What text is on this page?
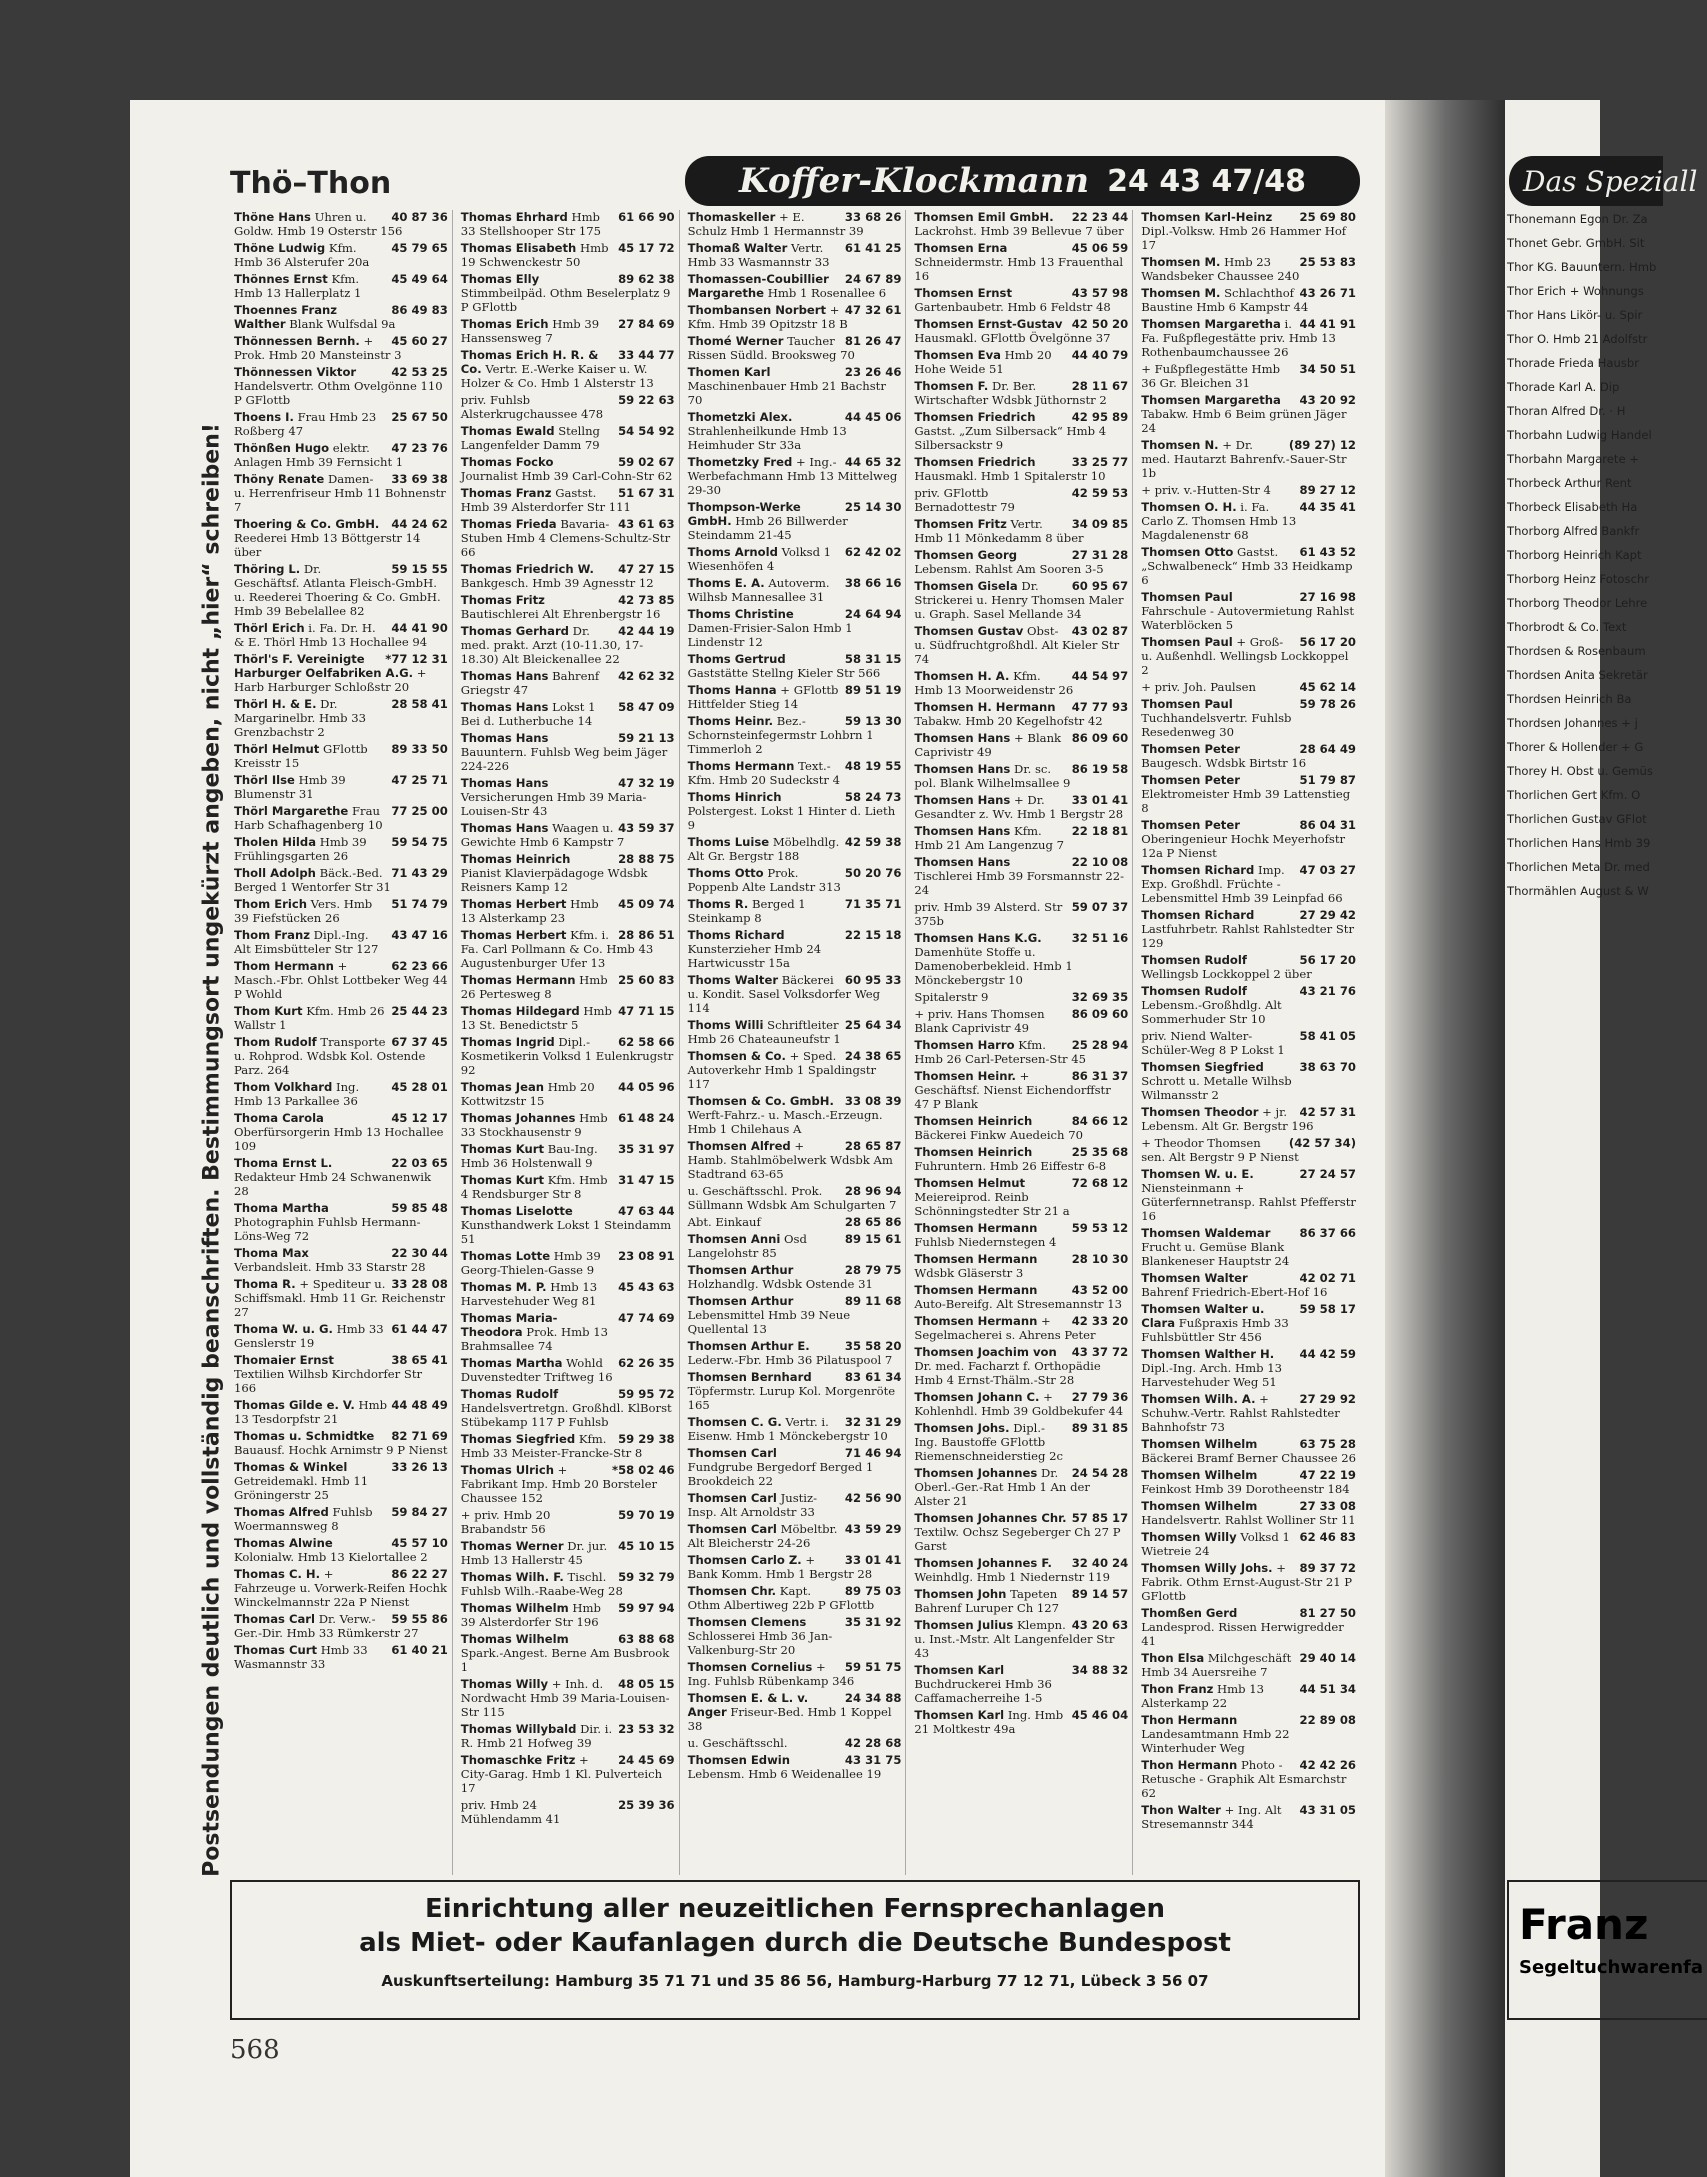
Thö–Thon	Koffer-Klockmann 24 43 47/48
Postsendungen deutlich und vollständig beanschriften. Bestimmungsort ungekürzt angeben, nicht „hier“ schreiben!
40 87 36
Thöne Hans Uhren u. Goldw. Hmb 19 Osterstr 156
45 79 65
Thöne Ludwig Kfm. Hmb 36 Alsterufer 20a
45 49 64
Thönnes Ernst Kfm. Hmb 13 Hallerplatz 1
86 49 83
Thoennes Franz Walther Blank Wulfsdal 9a
45 60 27
Thönnessen Bernh. + Prok. Hmb 20 Mansteinstr 3
42 53 25
Thönnessen Viktor Handelsvertr. Othm Ovelgönne 110 P GFlottb
25 67 50
Thoens I. Frau Hmb 23 Roßberg 47
47 23 76
Thönßen Hugo elektr. Anlagen Hmb 39 Fernsicht 1
33 69 38
Thöny Renate Damen- u. Herrenfriseur Hmb 11 Bohnenstr 7
44 24 62
Thoering & Co. GmbH. Reederei Hmb 13 Böttgerstr 14 über
59 15 55
Thöring L. Dr. Geschäftsf. Atlanta Fleisch-GmbH. u. Reederei Thoering & Co. GmbH. Hmb 39 Bebelallee 82
44 41 90
Thörl Erich i. Fa. Dr. H. & E. Thörl Hmb 13 Hochallee 94
*77 12 31
Thörl's F. Vereinigte Harburger Oelfabriken A.G. + Harb Harburger Schloßstr 20
28 58 41
Thörl H. & E. Dr. Margarinelbr. Hmb 33 Grenzbachstr 2
89 33 50
Thörl Helmut GFlottb Kreisstr 15
47 25 71
Thörl Ilse Hmb 39 Blumenstr 31
77 25 00
Thörl Margarethe Frau Harb Schafhagenberg 10
59 54 75
Tholen Hilda Hmb 39 Frühlingsgarten 26
71 43 29
Tholl Adolph Bäck.-Bed. Berged 1 Wentorfer Str 31
51 74 79
Thom Erich Vers. Hmb 39 Fiefstücken 26
43 47 16
Thom Franz Dipl.-Ing. Alt Eimsbütteler Str 127
62 23 66
Thom Hermann + Masch.-Fbr. Ohlst Lottbeker Weg 44 P Wohld
25 44 23
Thom Kurt Kfm. Hmb 26 Wallstr 1
67 37 45
Thom Rudolf Transporte u. Rohprod. Wdsbk Kol. Ostende Parz. 264
45 28 01
Thom Volkhard Ing. Hmb 13 Parkallee 36
45 12 17
Thoma Carola Oberfürsorgerin Hmb 13 Hochallee 109
22 03 65
Thoma Ernst L. Redakteur Hmb 24 Schwanenwik 28
59 85 48
Thoma Martha Photographin Fuhlsb Hermann-Löns-Weg 72
22 30 44
Thoma Max Verbandsleit. Hmb 33 Starstr 28
33 28 08
Thoma R. + Spediteur u. Schiffsmakl. Hmb 11 Gr. Reichenstr 27
61 44 47
Thoma W. u. G. Hmb 33 Genslerstr 19
38 65 41
Thomaier Ernst Textilien Wilhsb Kirchdorfer Str 166
44 48 49
Thomas Gilde e. V. Hmb 13 Tesdorpfstr 21
82 71 69
Thomas u. Schmidtke Bauausf. Hochk Arnimstr 9 P Nienst
33 26 13
Thomas & Winkel Getreidemakl. Hmb 11 Gröningerstr 25
59 84 27
Thomas Alfred Fuhlsb Woermannsweg 8
45 57 10
Thomas Alwine Kolonialw. Hmb 13 Kielortallee 2
86 22 27
Thomas C. H. + Fahrzeuge u. Vorwerk-Reifen Hochk Winckelmannstr 22a P Nienst
59 55 86
Thomas Carl Dr. Verw.-Ger.-Dir. Hmb 33 Rümkerstr 27
61 40 21
Thomas Curt Hmb 33 Wasmannstr 33
61 66 90
Thomas Ehrhard Hmb 33 Stellshooper Str 175
45 17 72
Thomas Elisabeth Hmb 19 Schwenckestr 50
89 62 38
Thomas Elly Stimmbeilpäd. Othm Beselerplatz 9 P GFlottb
27 84 69
Thomas Erich Hmb 39 Hanssensweg 7
33 44 77
Thomas Erich H. R. & Co. Vertr. E.-Werke Kaiser u. W. Holzer & Co. Hmb 1 Alsterstr 13
59 22 63
priv. Fuhlsb Alsterkrugchaussee 478
54 54 92
Thomas Ewald Stellng Langenfelder Damm 79
59 02 67
Thomas Focko Journalist Hmb 39 Carl-Cohn-Str 62
51 67 31
Thomas Franz Gastst. Hmb 39 Alsterdorfer Str 111
43 61 63
Thomas Frieda Bavaria-Stuben Hmb 4 Clemens-Schultz-Str 66
47 27 15
Thomas Friedrich W. Bankgesch. Hmb 39 Agnesstr 12
42 73 85
Thomas Fritz Bautischlerei Alt Ehrenbergstr 16
42 44 19
Thomas Gerhard Dr. med. prakt. Arzt (10-11.30, 17-18.30) Alt Bleickenallee 22
42 62 32
Thomas Hans Bahrenf Griegstr 47
58 47 09
Thomas Hans Lokst 1 Bei d. Lutherbuche 14
59 21 13
Thomas Hans Bauuntern. Fuhlsb Weg beim Jäger 224-226
47 32 19
Thomas Hans Versicherungen Hmb 39 Maria-Louisen-Str 43
43 59 37
Thomas Hans Waagen u. Gewichte Hmb 6 Kampstr 7
28 88 75
Thomas Heinrich Pianist Klavierpädagoge Wdsbk Reisners Kamp 12
45 09 74
Thomas Herbert Hmb 13 Alsterkamp 23
28 86 51
Thomas Herbert Kfm. i. Fa. Carl Pollmann & Co. Hmb 43 Augustenburger Ufer 13
25 60 83
Thomas Hermann Hmb 26 Pertesweg 8
47 71 15
Thomas Hildegard Hmb 13 St. Benedictstr 5
62 58 66
Thomas Ingrid Dipl.-Kosmetikerin Volksd 1 Eulenkrugstr 92
44 05 96
Thomas Jean Hmb 20 Kottwitzstr 15
61 48 24
Thomas Johannes Hmb 33 Stockhausenstr 9
35 31 97
Thomas Kurt Bau-Ing. Hmb 36 Holstenwall 9
31 47 15
Thomas Kurt Kfm. Hmb 4 Rendsburger Str 8
47 63 44
Thomas Liselotte Kunsthandwerk Lokst 1 Steindamm 51
23 08 91
Thomas Lotte Hmb 39 Georg-Thielen-Gasse 9
45 43 63
Thomas M. P. Hmb 13 Harvestehuder Weg 81
47 74 69
Thomas Maria-Theodora Prok. Hmb 13 Brahmsallee 74
62 26 35
Thomas Martha Wohld Duvenstedter Triftweg 16
59 95 72
Thomas Rudolf Handelsvertretgn. Großhdl. KlBorst Stübekamp 117 P Fuhlsb
59 29 38
Thomas Siegfried Kfm. Hmb 33 Meister-Francke-Str 8
*58 02 46
Thomas Ulrich + Fabrikant Imp. Hmb 20 Borsteler Chaussee 152
59 70 19
+ priv. Hmb 20 Brabandstr 56
45 10 15
Thomas Werner Dr. jur. Hmb 13 Hallerstr 45
59 32 79
Thomas Wilh. F. Tischl. Fuhlsb Wilh.-Raabe-Weg 28
59 97 94
Thomas Wilhelm Hmb 39 Alsterdorfer Str 196
63 88 68
Thomas Wilhelm Spark.-Angest. Berne Am Busbrook 1
48 05 15
Thomas Willy + Inh. d. Nordwacht Hmb 39 Maria-Louisen-Str 115
23 53 32
Thomas Willybald Dir. i. R. Hmb 21 Hofweg 39
24 45 69
Thomaschke Fritz + City-Garag. Hmb 1 Kl. Pulverteich 17
25 39 36
priv. Hmb 24 Mühlendamm 41
33 68 26
Thomaskeller + E. Schulz Hmb 1 Hermannstr 39
61 41 25
Thomaß Walter Vertr. Hmb 33 Wasmannstr 33
24 67 89
Thomassen-Coubillier Margarethe Hmb 1 Rosenallee 6
47 32 61
Thombansen Norbert + Kfm. Hmb 39 Opitzstr 18 B
81 26 47
Thomé Werner Taucher Rissen Südld. Brooksweg 70
23 26 46
Thomen Karl Maschinenbauer Hmb 21 Bachstr 70
44 45 06
Thometzki Alex. Strahlenheilkunde Hmb 13 Heimhuder Str 33a
44 65 32
Thometzky Fred + Ing.-Werbefachmann Hmb 13 Mittelweg 29-30
25 14 30
Thompson-Werke GmbH. Hmb 26 Billwerder Steindamm 21-45
62 42 02
Thoms Arnold Volksd 1 Wiesenhöfen 4
38 66 16
Thoms E. A. Autoverm. Wilhsb Mannesallee 31
24 64 94
Thoms Christine Damen-Frisier-Salon Hmb 1 Lindenstr 12
58 31 15
Thoms Gertrud Gaststätte Stellng Kieler Str 566
89 51 19
Thoms Hanna + GFlottb Hittfelder Stieg 14
59 13 30
Thoms Heinr. Bez.-Schornsteinfegermstr Lohbrn 1 Timmerloh 2
48 19 55
Thoms Hermann Text.-Kfm. Hmb 20 Sudeckstr 4
58 24 73
Thoms Hinrich Polstergest. Lokst 1 Hinter d. Lieth 9
42 59 38
Thoms Luise Möbelhdlg. Alt Gr. Bergstr 188
50 20 76
Thoms Otto Prok. Poppenb Alte Landstr 313
71 35 71
Thoms R. Berged 1 Steinkamp 8
22 15 18
Thoms Richard Kunsterzieher Hmb 24 Hartwicusstr 15a
60 95 33
Thoms Walter Bäckerei u. Kondit. Sasel Volksdorfer Weg 114
25 64 34
Thoms Willi Schriftleiter Hmb 26 Chateauneufstr 1
24 38 65
Thomsen & Co. + Sped. Autoverkehr Hmb 1 Spaldingstr 117
33 08 39
Thomsen & Co. GmbH. Werft-Fahrz.- u. Masch.-Erzeugn. Hmb 1 Chilehaus A
28 65 87
Thomsen Alfred + Hamb. Stahlmöbelwerk Wdsbk Am Stadtrand 63-65
28 96 94
u. Geschäftsschl. Prok. Süllmann Wdsbk Am Schulgarten 7
28 65 86
Abt. Einkauf
89 15 61
Thomsen Anni Osd Langelohstr 85
28 79 75
Thomsen Arthur Holzhandlg. Wdsbk Ostende 31
89 11 68
Thomsen Arthur Lebensmittel Hmb 39 Neue Quellental 13
35 58 20
Thomsen Arthur E. Lederw.-Fbr. Hmb 36 Pilatuspool 7
83 61 34
Thomsen Bernhard Töpfermstr. Lurup Kol. Morgenröte 165
32 31 29
Thomsen C. G. Vertr. i. Eisenw. Hmb 1 Mönckebergstr 10
71 46 94
Thomsen Carl Fundgrube Bergedorf Berged 1 Brookdeich 22
42 56 90
Thomsen Carl Justiz-Insp. Alt Arnoldstr 33
43 59 29
Thomsen Carl Möbeltbr. Alt Bleicherstr 24-26
33 01 41
Thomsen Carlo Z. + Bank Komm. Hmb 1 Bergstr 28
89 75 03
Thomsen Chr. Kapt. Othm Albertiweg 22b P GFlottb
35 31 92
Thomsen Clemens Schlosserei Hmb 36 Jan-Valkenburg-Str 20
59 51 75
Thomsen Cornelius + Ing. Fuhlsb Rübenkamp 346
24 34 88
Thomsen E. & L. v. Anger Friseur-Bed. Hmb 1 Koppel 38
42 28 68
u. Geschäftsschl.
43 31 75
Thomsen Edwin Lebensm. Hmb 6 Weidenallee 19
22 23 44
Thomsen Emil GmbH. Lackrohst. Hmb 39 Bellevue 7 über
45 06 59
Thomsen Erna Schneidermstr. Hmb 13 Frauenthal 16
43 57 98
Thomsen Ernst Gartenbaubetr. Hmb 6 Feldstr 48
42 50 20
Thomsen Ernst-Gustav Hausmakl. GFlottb Övelgönne 37
44 40 79
Thomsen Eva Hmb 20 Hohe Weide 51
28 11 67
Thomsen F. Dr. Ber. Wirtschafter Wdsbk Jüthornstr 2
42 95 89
Thomsen Friedrich Gastst. „Zum Silbersack“ Hmb 4 Silbersackstr 9
33 25 77
Thomsen Friedrich Hausmakl. Hmb 1 Spitalerstr 10
42 59 53
priv. GFlottb Bernadottestr 79
34 09 85
Thomsen Fritz Vertr. Hmb 11 Mönkedamm 8 über
27 31 28
Thomsen Georg Lebensm. Rahlst Am Sooren 3-5
60 95 67
Thomsen Gisela Dr. Strickerei u. Henry Thomsen Maler u. Graph. Sasel Mellande 34
43 02 87
Thomsen Gustav Obst- u. Südfruchtgroßhdl. Alt Kieler Str 74
44 54 97
Thomsen H. A. Kfm. Hmb 13 Moorweidenstr 26
47 77 93
Thomsen H. Hermann Tabakw. Hmb 20 Kegelhofstr 42
86 09 60
Thomsen Hans + Blank Caprivistr 49
86 19 58
Thomsen Hans Dr. sc. pol. Blank Wilhelmsallee 9
33 01 41
Thomsen Hans + Dr. Gesandter z. Wv. Hmb 1 Bergstr 28
22 18 81
Thomsen Hans Kfm. Hmb 21 Am Langenzug 7
22 10 08
Thomsen Hans Tischlerei Hmb 39 Forsmannstr 22-24
59 07 37
priv. Hmb 39 Alsterd. Str 375b
32 51 16
Thomsen Hans K.G. Damenhüte Stoffe u. Damenoberbekleid. Hmb 1 Mönckebergstr 10
32 69 35
Spitalerstr 9
86 09 60
+ priv. Hans Thomsen Blank Caprivistr 49
25 28 94
Thomsen Harro Kfm. Hmb 26 Carl-Petersen-Str 45
86 31 37
Thomsen Heinr. + Geschäftsf. Nienst Eichendorffstr 47 P Blank
84 66 12
Thomsen Heinrich Bäckerei Finkw Auedeich 70
25 35 68
Thomsen Heinrich Fuhruntern. Hmb 26 Eiffestr 6-8
72 68 12
Thomsen Helmut Meiereiprod. Reinb Schönningstedter Str 21 a
59 53 12
Thomsen Hermann Fuhlsb Niedernstegen 4
28 10 30
Thomsen Hermann Wdsbk Gläserstr 3
43 52 00
Thomsen Hermann Auto-Bereifg. Alt Stresemannstr 13
42 33 20
Thomsen Hermann + Segelmacherei s. Ahrens Peter
43 37 72
Thomsen Joachim von Dr. med. Facharzt f. Orthopädie Hmb 4 Ernst-Thälm.-Str 28
27 79 36
Thomsen Johann C. + Kohlenhdl. Hmb 39 Goldbekufer 44
89 31 85
Thomsen Johs. Dipl.-Ing. Baustoffe GFlottb Riemenschneiderstieg 2c
24 54 28
Thomsen Johannes Dr. Oberl.-Ger.-Rat Hmb 1 An der Alster 21
57 85 17
Thomsen Johannes Chr. Textilw. Ochsz Segeberger Ch 27 P Garst
32 40 24
Thomsen Johannes F. Weinhdlg. Hmb 1 Niedernstr 119
89 14 57
Thomsen John Tapeten Bahrenf Luruper Ch 127
43 20 63
Thomsen Julius Klempn. u. Inst.-Mstr. Alt Langenfelder Str 43
34 88 32
Thomsen Karl Buchdruckerei Hmb 36 Caffamacherreihe 1-5
45 46 04
Thomsen Karl Ing. Hmb 21 Moltkestr 49a
25 69 80
Thomsen Karl-Heinz Dipl.-Volksw. Hmb 26 Hammer Hof 17
25 53 83
Thomsen M. Hmb 23 Wandsbeker Chaussee 240
43 26 71
Thomsen M. Schlachthof Baustine Hmb 6 Kampstr 44
44 41 91
Thomsen Margaretha i. Fa. Fußpflegestätte priv. Hmb 13 Rothenbaumchaussee 26
34 50 51
+ Fußpflegestätte Hmb 36 Gr. Bleichen 31
43 20 92
Thomsen Margaretha Tabakw. Hmb 6 Beim grünen Jäger 24
(89 27) 12
Thomsen N. + Dr. med. Hautarzt Bahrenfv.-Sauer-Str 1b
89 27 12
+ priv. v.-Hutten-Str 4
44 35 41
Thomsen O. H. i. Fa. Carlo Z. Thomsen Hmb 13 Magdalenenstr 68
61 43 52
Thomsen Otto Gastst. „Schwalbeneck“ Hmb 33 Heidkamp 6
27 16 98
Thomsen Paul Fahrschule - Autovermietung Rahlst Waterblöcken 5
56 17 20
Thomsen Paul + Groß- u. Außenhdl. Wellingsb Lockkoppel 2
45 62 14
+ priv. Joh. Paulsen
59 78 26
Thomsen Paul Tuchhandelsvertr. Fuhlsb Resedenweg 30
28 64 49
Thomsen Peter Baugesch. Wdsbk Birtstr 16
51 79 87
Thomsen Peter Elektromeister Hmb 39 Lattenstieg 8
86 04 31
Thomsen Peter Oberingenieur Hochk Meyerhofstr 12a P Nienst
47 03 27
Thomsen Richard Imp. Exp. Großhdl. Früchte - Lebensmittel Hmb 39 Leinpfad 66
27 29 42
Thomsen Richard Lastfuhrbetr. Rahlst Rahlstedter Str 129
56 17 20
Thomsen Rudolf Wellingsb Lockkoppel 2 über
43 21 76
Thomsen Rudolf Lebensm.-Großhdlg. Alt Sommerhuder Str 10
58 41 05
priv. Niend Walter-Schüler-Weg 8 P Lokst 1
38 63 70
Thomsen Siegfried Schrott u. Metalle Wilhsb Wilmansstr 2
42 57 31
Thomsen Theodor + jr. Lebensm. Alt Gr. Bergstr 196
(42 57 34)
+ Theodor Thomsen sen. Alt Bergstr 9 P Nienst
27 24 57
Thomsen W. u. E. Niensteinmann + Güterfernnetransp. Rahlst Pfefferstr 16
86 37 66
Thomsen Waldemar Frucht u. Gemüse Blank Blankeneser Hauptstr 24
42 02 71
Thomsen Walter Bahrenf Friedrich-Ebert-Hof 16
59 58 17
Thomsen Walter u. Clara Fußpraxis Hmb 33 Fuhlsbüttler Str 456
44 42 59
Thomsen Walther H. Dipl.-Ing. Arch. Hmb 13 Harvestehuder Weg 51
27 29 92
Thomsen Wilh. A. + Schuhw.-Vertr. Rahlst Rahlstedter Bahnhofstr 73
63 75 28
Thomsen Wilhelm Bäckerei Bramf Berner Chaussee 26
47 22 19
Thomsen Wilhelm Feinkost Hmb 39 Dorotheenstr 184
27 33 08
Thomsen Wilhelm Handelsvertr. Rahlst Wolliner Str 11
62 46 83
Thomsen Willy Volksd 1 Wietreie 24
89 37 72
Thomsen Willy Johs. + Fabrik. Othm Ernst-August-Str 21 P GFlottb
81 27 50
Thomßen Gerd Landesprod. Rissen Herwigredder 41
29 40 14
Thon Elsa Milchgeschäft Hmb 34 Auersreihe 7
44 51 34
Thon Franz Hmb 13 Alsterkamp 22
22 89 08
Thon Hermann Landesamtmann Hmb 22 Winterhuder Weg
42 42 26
Thon Hermann Photo - Retusche - Graphik Alt Esmarchstr 62
43 31 05
Thon Walter + Ing. Alt Stresemannstr 344
Einrichtung aller neuzeitlichen Fernsprechanlagen
als Miet- oder Kaufanlagen durch die Deutsche Bundespost
Auskunftserteilung: Hamburg 35 71 71 und 35 86 56, Hamburg-Harburg 77 12 71, Lübeck 3 56 07
568
Das Speziall
Thonemann Egon Dr. Za
Thonet Gebr. GmbH. Sit
Thor KG. Bauuntern. Hmb
Thor Erich + Wohnungs
Thor Hans Likör- u. Spir
Thor O. Hmb 21 Adolfstr
Thorade Frieda Hausbr
Thorade Karl A. Dip
Thoran Alfred Dr. · H
Thorbahn Ludwig Handel
Thorbahn Margarete +
Thorbeck Arthur Rent
Thorbeck Elisabeth Ha
Thorborg Alfred Bankfr
Thorborg Heinrich Kapt
Thorborg Heinz Fotoschr
Thorborg Theodor Lehre
Thorbrodt & Co. Text
Thordsen & Rosenbaum
Thordsen Anita Sekretär
Thordsen Heinrich Ba
Thordsen Johannes + j
Thorer & Hollender + G
Thorey H. Obst u. Gemüs
Thorlichen Gert Kfm. O
Thorlichen Gustav GFlot
Thorlichen Hans Hmb 39
Thorlichen Meta Dr. med
Thormählen August & W
Franz
Segeltuchwarenfa
